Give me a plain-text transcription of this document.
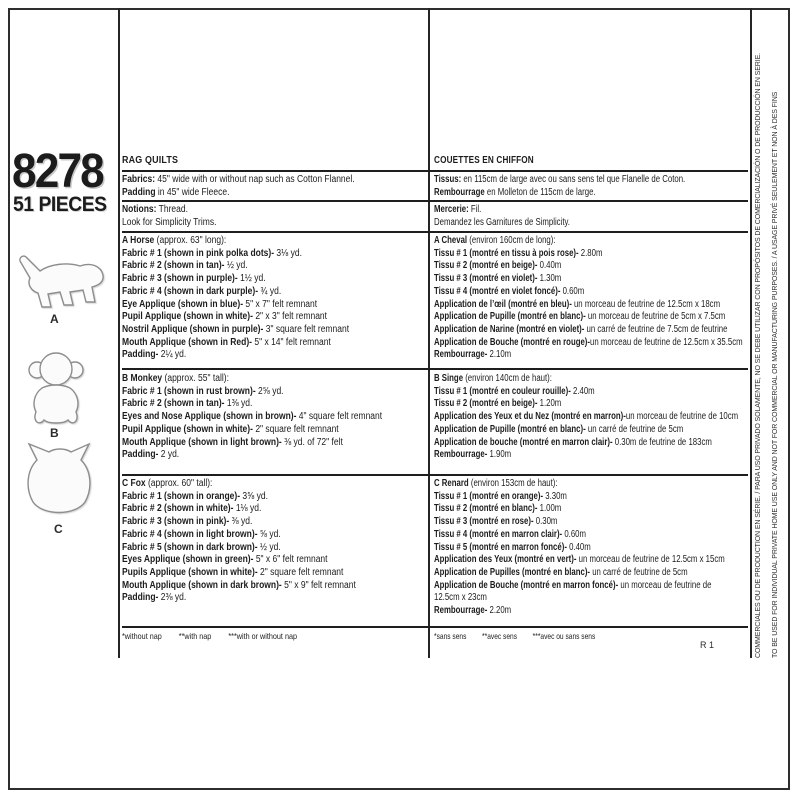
8278
51 PIECES
A
B
C
RAG QUILTS
Fabrics: 45" wide with or without nap such as Cotton Flannel.
Padding in 45" wide Fleece.
Notions: Thread.
Look for Simplicity Trims.
A Horse (approx. 63" long):
Fabric # 1 (shown in pink polka dots)- 3⅛ yd.
Fabric # 2 (shown in tan)- ½ yd.
Fabric # 3 (shown in purple)- 1½ yd.
Fabric # 4 (shown in dark purple)- ¾ yd.
Eye Applique (shown in blue)- 5" x 7" felt remnant
Pupil Applique (shown in white)- 2" x 3" felt remnant
Nostril Applique (shown in purple)- 3" square felt remnant
Mouth Applique (shown in Red)- 5" x 14" felt remnant
Padding- 2¼ yd.
B Monkey (approx. 55" tall):
Fabric # 1 (shown in rust brown)- 2⅝ yd.
Fabric # 2 (shown in tan)- 1⅜ yd.
Eyes and Nose Applique (shown in brown)- 4" square felt remnant
Pupil Applique (shown in white)- 2" square felt remnant
Mouth Applique (shown in light brown)- ⅜ yd. of 72" felt
Padding- 2 yd.
C Fox (approx. 60" tall):
Fabric # 1 (shown in orange)- 3⅝ yd.
Fabric # 2 (shown in white)- 1⅛ yd.
Fabric # 3 (shown in pink)- ⅜ yd.
Fabric # 4 (shown in light brown)- ⅝ yd.
Fabric # 5 (shown in dark brown)- ½ yd.
Eyes Applique (shown in green)- 5" x 6" felt remnant
Pupils Applique (shown in white)- 2" square felt remnant
Mouth Applique (shown in dark brown)- 5" x 9" felt remnant
Padding- 2⅜ yd.
*without nap **with nap ***with or without nap
COUETTES EN CHIFFON
Tissus: en 115cm de large avec ou sans sens tel que Flanelle de Coton.
Rembourrage en Molleton de 115cm de large.
Mercerie: Fil.
Demandez les Garnitures de Simplicity.
A Cheval (environ 160cm de long):
Tissu # 1 (montré en tissu à pois rose)- 2.80m
Tissu # 2 (montré en beige)- 0.40m
Tissu # 3 (montré en violet)- 1.30m
Tissu # 4 (montré en violet foncé)- 0.60m
Application de l’œil (montré en bleu)- un morceau de feutrine de 12.5cm x 18cm
Application de Pupille (montré en blanc)- un morceau de feutrine de 5cm x 7.5cm
Application de Narine (montré en violet)- un carré de feutrine de 7.5cm de feutrine
Application de Bouche (montré en rouge)-un morceau de feutrine de 12.5cm x 35.5cm
Rembourrage- 2.10m
B Singe (environ 140cm de haut):
Tissu # 1 (montré en couleur rouille)- 2.40m
Tissu # 2 (montré en beige)- 1.20m
Application des Yeux et du Nez (montré en marron)-un morceau de feutrine de 10cm
Application de Pupille (montré en blanc)- un carré de feutrine de 5cm
Application de bouche (montré en marron clair)- 0.30m de feutrine de 183cm
Rembourrage- 1.90m
C Renard (environ 153cm de haut):
Tissu # 1 (montré en orange)- 3.30m
Tissu # 2 (montré en blanc)- 1.00m
Tissu # 3 (montré en rose)- 0.30m
Tissu # 4 (montré en marron clair)- 0.60m
Tissu # 5 (montré en marron foncé)- 0.40m
Application des Yeux (montré en vert)- un morceau de feutrine de 12.5cm x 15cm
Application de Pupilles (montré en blanc)- un carré de feutrine de 5cm
Application de Bouche (montré en marron foncé)- un morceau de feutrine de
12.5cm x 23cm
Rembourrage- 2.20m
*sans sens **avec sens ***avec ou sans sens
R 1	TO BE USED FOR INDIVIDUAL PRIVATE HOME USE ONLY AND NOT FOR COMMERCIAL OR MANUFACTURING PURPOSES. / A USAGE PRIVÉ SEULEMENT ET NON À DES FINS
COMMERCIALES OU DE PRODUCTION EN SÉRIE. / PARA USO PRIVADO SOLAMENTE, NO SE DEBE UTILIZAR CON PROPÓSITOS DE COMERCIALIZACIÓN O DE PRODUCCIÓN EN SERIE.
